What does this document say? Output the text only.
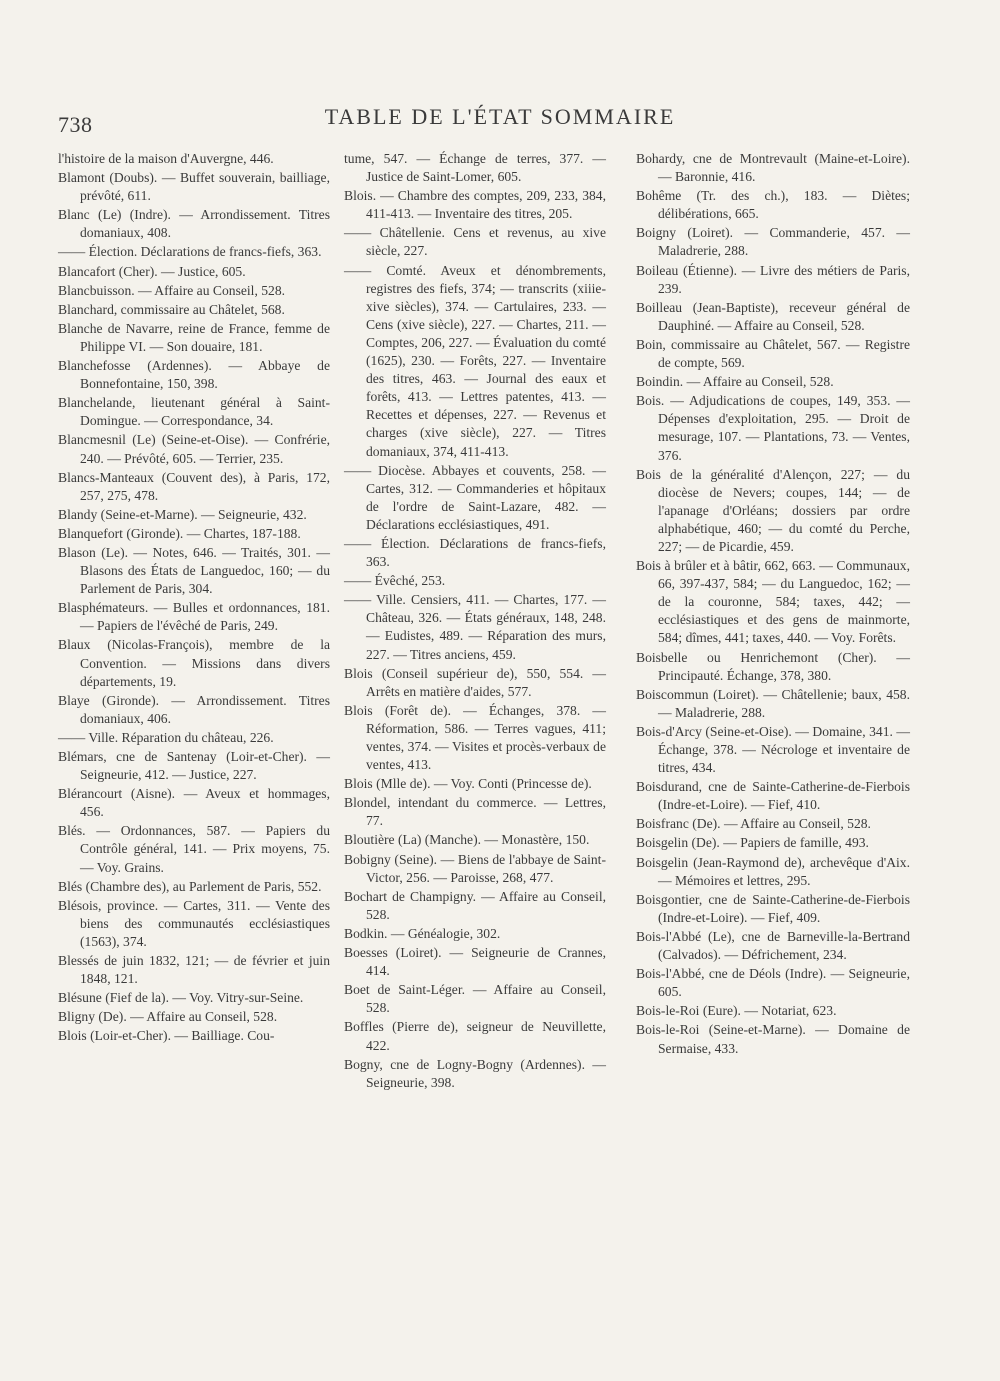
738	TABLE DE L'ÉTAT SOMMAIRE

l'histoire de la maison d'Auvergne, 446.

Blamont (Doubs). — Buffet souverain, bailliage, prévôté, 611.

Blanc (Le) (Indre). — Arrondissement. Titres domaniaux, 408.

—— Élection. Déclarations de francs-fiefs, 363.

Blancafort (Cher). — Justice, 605.

Blancbuisson. — Affaire au Conseil, 528.

Blanchard, commissaire au Châtelet, 568.

Blanche de Navarre, reine de France, femme de Philippe VI. — Son douaire, 181.

Blanchefosse (Ardennes). — Abbaye de Bonnefontaine, 150, 398.

Blanchelande, lieutenant général à Saint-Domingue. — Correspondance, 34.

Blancmesnil (Le) (Seine-et-Oise). — Confrérie, 240. — Prévôté, 605. — Terrier, 235.

Blancs-Manteaux (Couvent des), à Paris, 172, 257, 275, 478.

Blandy (Seine-et-Marne). — Seigneurie, 432.

Blanquefort (Gironde). — Chartes, 187-188.

Blason (Le). — Notes, 646. — Traités, 301. — Blasons des États de Languedoc, 160; — du Parlement de Paris, 304.

Blasphémateurs. — Bulles et ordonnances, 181. — Papiers de l'évêché de Paris, 249.

Blaux (Nicolas-François), membre de la Convention. — Missions dans divers départements, 19.

Blaye (Gironde). — Arrondissement. Titres domaniaux, 406.

—— Ville. Réparation du château, 226.

Blémars, cne de Santenay (Loir-et-Cher). — Seigneurie, 412. — Justice, 227.

Blérancourt (Aisne). — Aveux et hommages, 456.

Blés. — Ordonnances, 587. — Papiers du Contrôle général, 141. — Prix moyens, 75. — Voy. Grains.

Blés (Chambre des), au Parlement de Paris, 552.

Blésois, province. — Cartes, 311. — Vente des biens des communautés ecclésiastiques (1563), 374.

Blessés de juin 1832, 121; — de février et juin 1848, 121.

Blésune (Fief de la). — Voy. Vitry-sur-Seine.

Bligny (De). — Affaire au Conseil, 528.

Blois (Loir-et-Cher). — Bailliage. Cou-

tume, 547. — Échange de terres, 377. — Justice de Saint-Lomer, 605.

Blois. — Chambre des comptes, 209, 233, 384, 411-413. — Inventaire des titres, 205.

—— Châtellenie. Cens et revenus, au xive siècle, 227.

—— Comté. Aveux et dénombrements, registres des fiefs, 374; — transcrits (xiiie-xive siècles), 374. — Cartulaires, 233. — Cens (xive siècle), 227. — Chartes, 211. — Comptes, 206, 227. — Évaluation du comté (1625), 230. — Forêts, 227. — Inventaire des titres, 463. — Journal des eaux et forêts, 413. — Lettres patentes, 413. — Recettes et dépenses, 227. — Revenus et charges (xive siècle), 227. — Titres domaniaux, 374, 411-413.

—— Diocèse. Abbayes et couvents, 258. — Cartes, 312. — Commanderies et hôpitaux de l'ordre de Saint-Lazare, 482. — Déclarations ecclésiastiques, 491.

—— Élection. Déclarations de francs-fiefs, 363.

—— Évêché, 253.

—— Ville. Censiers, 411. — Chartes, 177. — Château, 326. — États généraux, 148, 248. — Eudistes, 489. — Réparation des murs, 227. — Titres anciens, 459.

Blois (Conseil supérieur de), 550, 554. — Arrêts en matière d'aides, 577.

Blois (Forêt de). — Échanges, 378. — Réformation, 586. — Terres vagues, 411; ventes, 374. — Visites et procès-verbaux de ventes, 413.

Blois (Mlle de). — Voy. Conti (Princesse de).

Blondel, intendant du commerce. — Lettres, 77.

Bloutière (La) (Manche). — Monastère, 150.

Bobigny (Seine). — Biens de l'abbaye de Saint-Victor, 256. — Paroisse, 268, 477.

Bochart de Champigny. — Affaire au Conseil, 528.

Bodkin. — Généalogie, 302.

Boesses (Loiret). — Seigneurie de Crannes, 414.

Boet de Saint-Léger. — Affaire au Conseil, 528.

Boffles (Pierre de), seigneur de Neuvillette, 422.

Bogny, cne de Logny-Bogny (Ardennes). — Seigneurie, 398.

Bohardy, cne de Montrevault (Maine-et-Loire). — Baronnie, 416.

Bohême (Tr. des ch.), 183. — Diètes; délibérations, 665.

Boigny (Loiret). — Commanderie, 457. — Maladrerie, 288.

Boileau (Étienne). — Livre des métiers de Paris, 239.

Boilleau (Jean-Baptiste), receveur général de Dauphiné. — Affaire au Conseil, 528.

Boin, commissaire au Châtelet, 567. — Registre de compte, 569.

Boindin. — Affaire au Conseil, 528.

Bois. — Adjudications de coupes, 149, 353. — Dépenses d'exploitation, 295. — Droit de mesurage, 107. — Plantations, 73. — Ventes, 376.

Bois de la généralité d'Alençon, 227; — du diocèse de Nevers; coupes, 144; — de l'apanage d'Orléans; dossiers par ordre alphabétique, 460; — du comté du Perche, 227; — de Picardie, 459.

Bois à brûler et à bâtir, 662, 663. — Communaux, 66, 397-437, 584; — du Languedoc, 162; — de la couronne, 584; taxes, 442; — ecclésiastiques et des gens de mainmorte, 584; dîmes, 441; taxes, 440. — Voy. Forêts.

Boisbelle ou Henrichemont (Cher). — Principauté. Échange, 378, 380.

Boiscommun (Loiret). — Châtellenie; baux, 458. — Maladrerie, 288.

Bois-d'Arcy (Seine-et-Oise). — Domaine, 341. — Échange, 378. — Nécrologe et inventaire de titres, 434.

Boisdurand, cne de Sainte-Catherine-de-Fierbois (Indre-et-Loire). — Fief, 410.

Boisfranc (De). — Affaire au Conseil, 528.

Boisgelin (De). — Papiers de famille, 493.

Boisgelin (Jean-Raymond de), archevêque d'Aix. — Mémoires et lettres, 295.

Boisgontier, cne de Sainte-Catherine-de-Fierbois (Indre-et-Loire). — Fief, 409.

Bois-l'Abbé (Le), cne de Barneville-la-Bertrand (Calvados). — Défrichement, 234.

Bois-l'Abbé, cne de Déols (Indre). — Seigneurie, 605.

Bois-le-Roi (Eure). — Notariat, 623.

Bois-le-Roi (Seine-et-Marne). — Domaine de Sermaise, 433.
